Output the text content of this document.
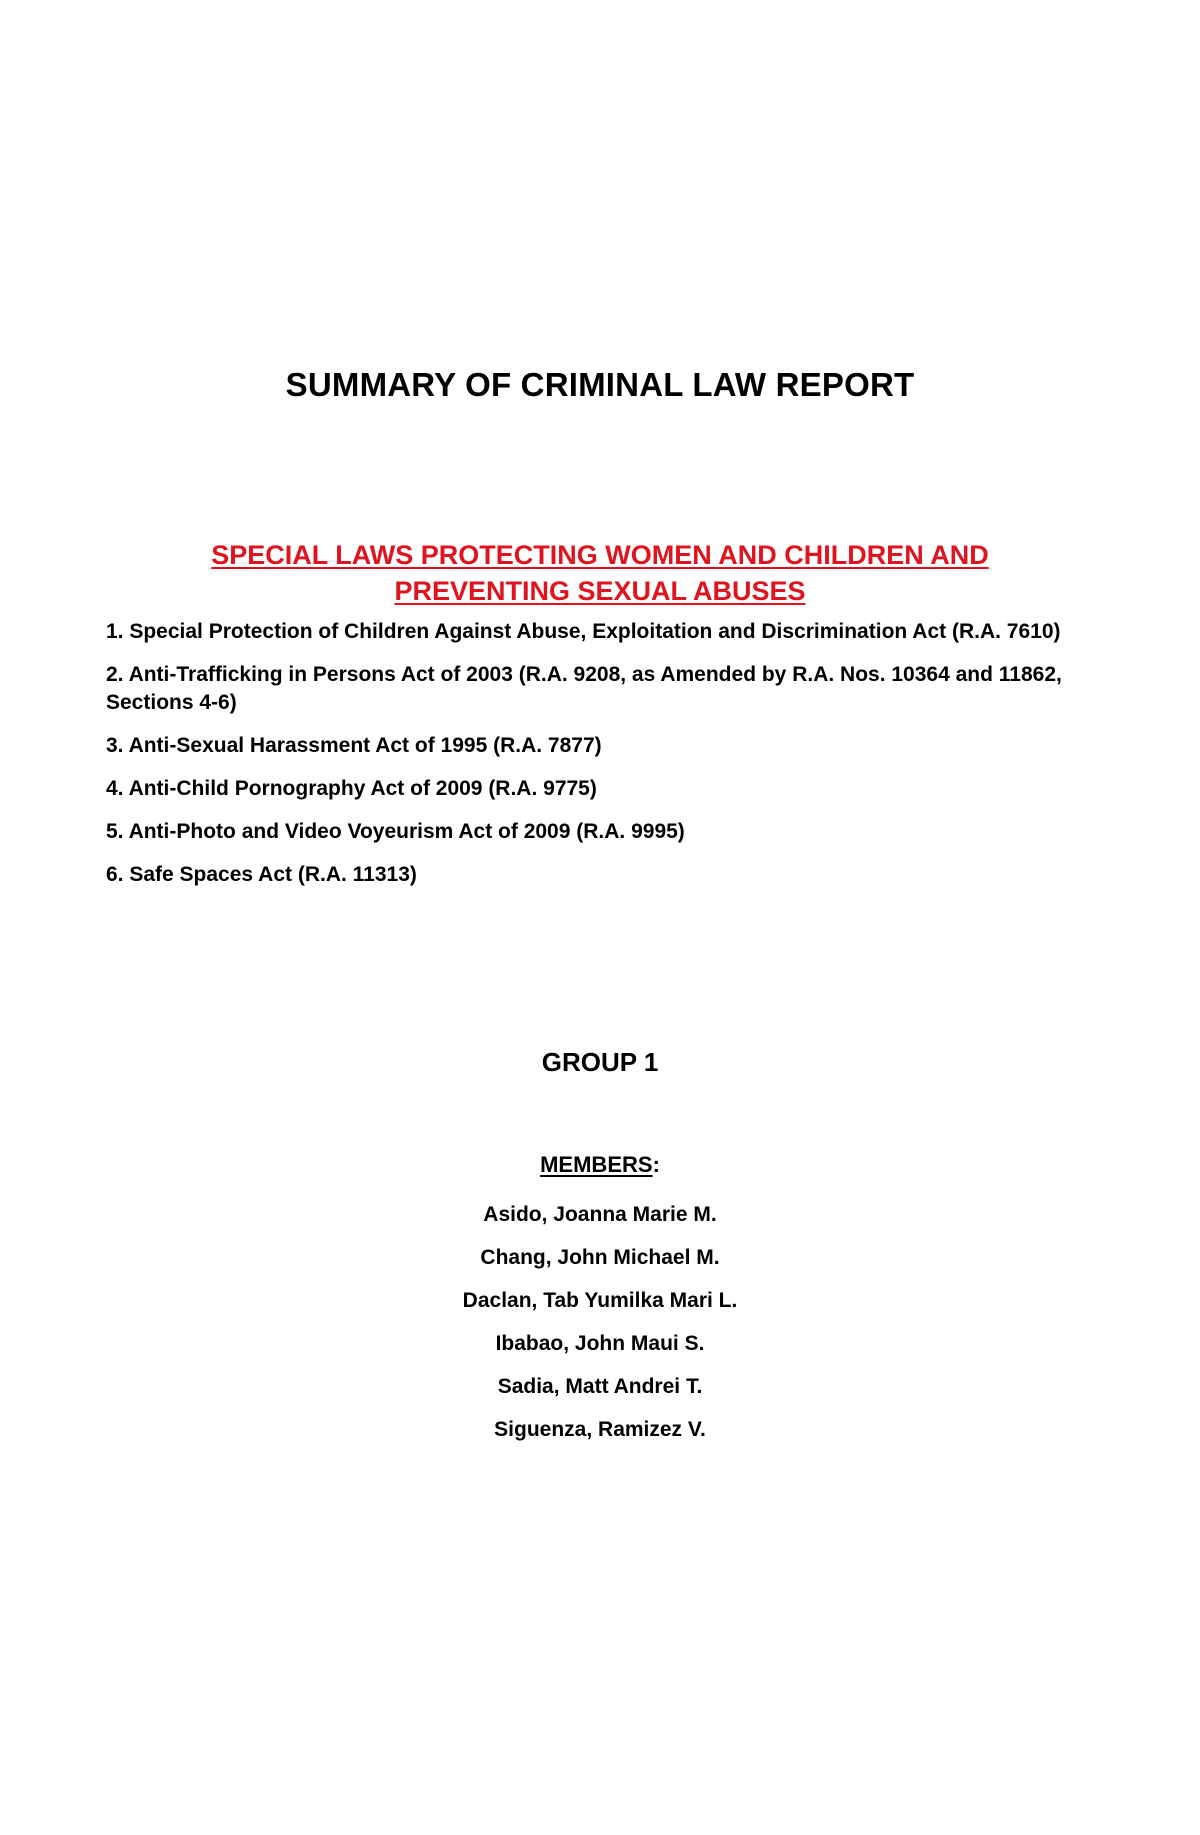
SUMMARY OF CRIMINAL LAW REPORT
SPECIAL LAWS PROTECTING WOMEN AND CHILDREN AND PREVENTING SEXUAL ABUSES
1. Special Protection of Children Against Abuse, Exploitation and Discrimination Act (R.A. 7610)
2. Anti-Trafficking in Persons Act of 2003 (R.A. 9208, as Amended by R.A. Nos. 10364 and 11862, Sections 4-6)
3. Anti-Sexual Harassment Act of 1995 (R.A. 7877)
4. Anti-Child Pornography Act of 2009 (R.A. 9775)
5. Anti-Photo and Video Voyeurism Act of 2009 (R.A. 9995)
6. Safe Spaces Act (R.A. 11313)
GROUP 1
MEMBERS:
Asido, Joanna Marie M.
Chang, John Michael M.
Daclan, Tab Yumilka Mari L.
Ibabao, John Maui S.
Sadia, Matt Andrei T.
Siguenza, Ramizez V.
